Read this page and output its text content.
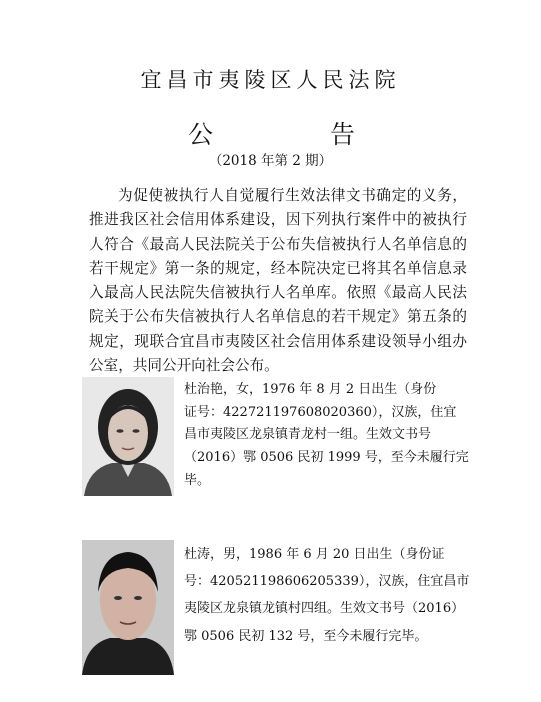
宜昌市夷陵区人民法院
公	告
（2018 年第 2 期）

为促使被执行人自觉履行生效法律文书确定的义务，推进我区社会信用体系建设，因下列执行案件中的被执行人符合《最高人民法院关于公布失信被执行人名单信息的若干规定》第一条的规定，经本院决定已将其名单信息录入最高人民法院失信被执行人名单库。依照《最高人民法院关于公布失信被执行人名单信息的若干规定》第五条的规定，现联合宜昌市夷陵区社会信用体系建设领导小组办公室，共同公开向社会公布。

杜治艳，女，1976 年 8 月 2 日出生（身份
证号：422721197608020360），汉族，住宜
昌市夷陵区龙泉镇青龙村一组。生效文书号
（2016）鄂 0506 民初 1999 号，至今未履行完
毕。

杜涛，男，1986 年 6 月 20 日出生（身份证
号：420521198606205339），汉族，住宜昌市
夷陵区龙泉镇龙镇村四组。生效文书号（2016）
鄂 0506 民初 132 号，至今未履行完毕。
